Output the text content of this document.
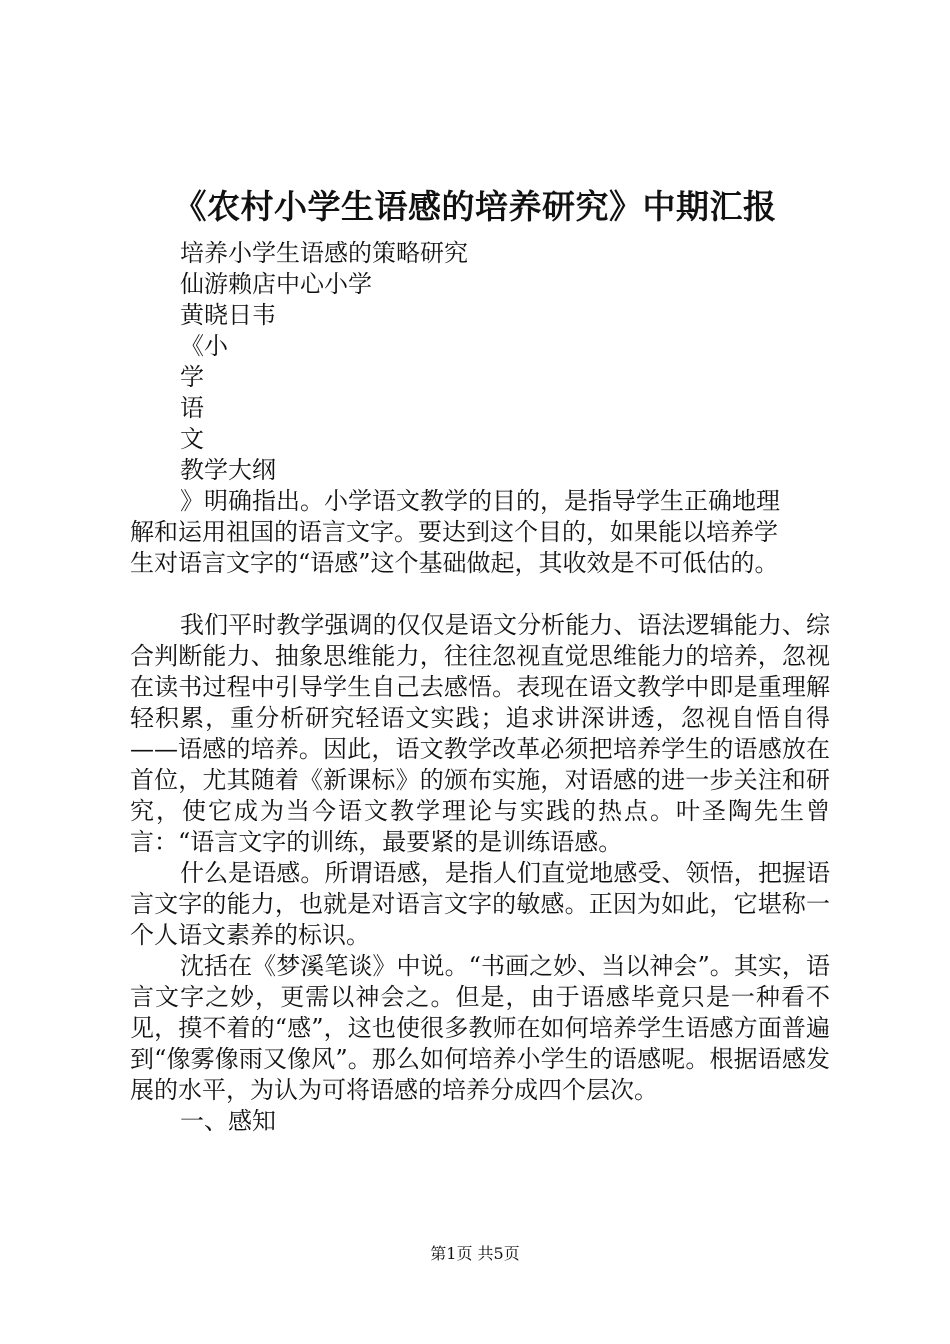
《农村小学生语感的培养研究》中期汇报
培养小学生语感的策略研究
仙游赖店中心小学
黄晓日韦
《小
学
语
文
教学大纲
》明确指出。小学语文教学的目的，是指导学生正确地理
解和运用祖国的语言文字。要达到这个目的，如果能以培养学
生对语言文字的“语感”这个基础做起，其收效是不可低估的。

我们平时教学强调的仅仅是语文分析能力、语法逻辑能力、综合判断能力、抽象思维能力，往往忽视直觉思维能力的培养，忽视在读书过程中引导学生自己去感悟。表现在语文教学中即是重理解轻积累，重分析研究轻语文实践；追求讲深讲透，忽视自悟自得——语感的培养。因此，语文教学改革必须把培养学生的语感放在首位，尤其随着《新课标》的颁布实施，对语感的进一步关注和研究，使它成为当今语文教学理论与实践的热点。叶圣陶先生曾言：“语言文字的训练，最要紧的是训练语感。

什么是语感。所谓语感，是指人们直觉地感受、领悟，把握语言文字的能力，也就是对语言文字的敏感。正因为如此，它堪称一个人语文素养的标识。

沈括在《梦溪笔谈》中说。“书画之妙、当以神会”。其实，语言文字之妙，更需以神会之。但是，由于语感毕竟只是一种看不见，摸不着的“感”，这也使很多教师在如何培养学生语感方面普遍到“像雾像雨又像风”。那么如何培养小学生的语感呢。根据语感发展的水平，为认为可将语感的培养分成四个层次。

一、感知
第1页 共5页
